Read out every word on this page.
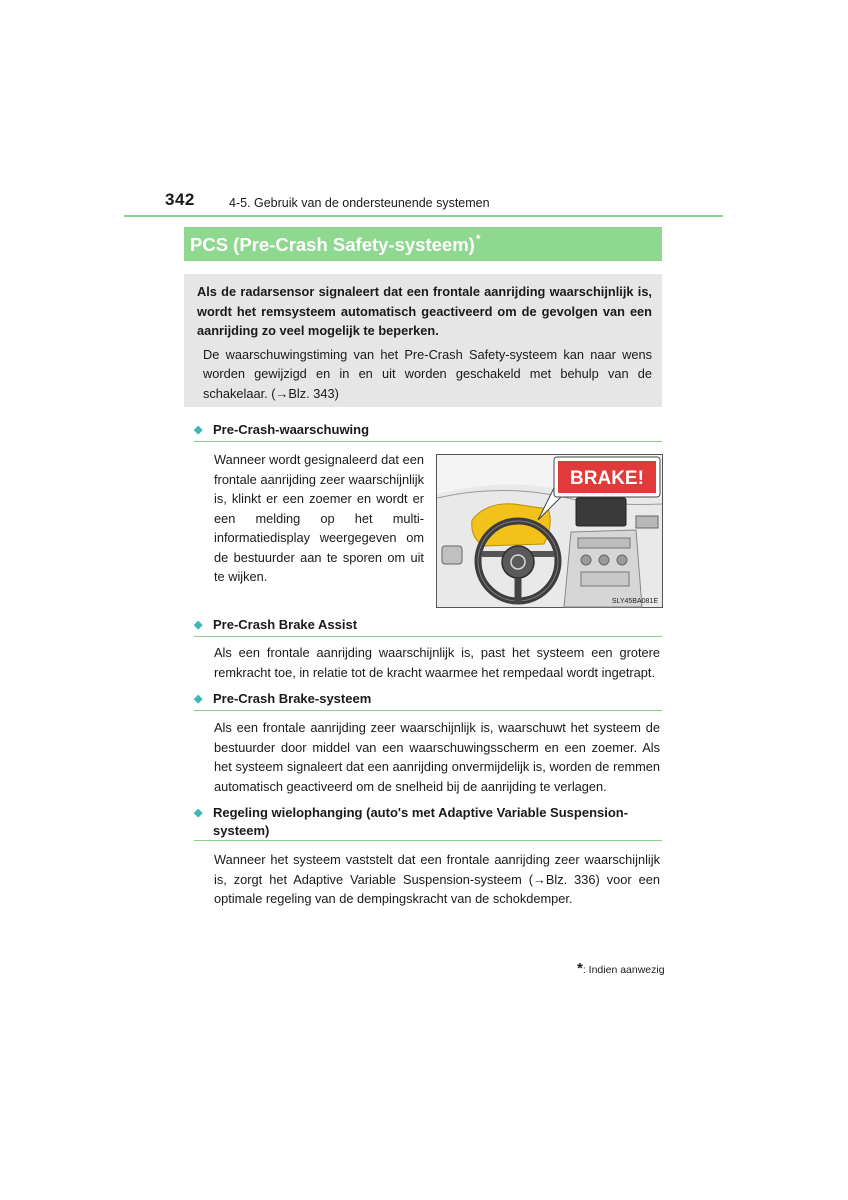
342	4-5. Gebruik van de ondersteunende systemen
PCS (Pre-Crash Safety-systeem)*

Als de radarsensor signaleert dat een frontale aanrijding waarschijnlijk is, wordt het remsysteem automatisch geactiveerd om de gevolgen van een aanrijding zo veel mogelijk te beperken.

De waarschuwingstiming van het Pre-Crash Safety-systeem kan naar wens worden gewijzigd en in en uit worden geschakeld met behulp van de schakelaar. (→Blz. 343)

◆ Pre-Crash-waarschuwing

Wanneer wordt gesignaleerd dat een frontale aanrijding zeer waarschijnlijk is, klinkt er een zoemer en wordt er een melding op het multi-informatiedisplay weergegeven om de bestuurder aan te sporen om uit te wijken.

BRAKE!
SLY45BA081E
◆ Pre-Crash Brake Assist

Als een frontale aanrijding waarschijnlijk is, past het systeem een grotere remkracht toe, in relatie tot de kracht waarmee het rempedaal wordt ingetrapt.

◆ Pre-Crash Brake-systeem

Als een frontale aanrijding zeer waarschijnlijk is, waarschuwt het systeem de bestuurder door middel van een waarschuwingsscherm en een zoemer. Als het systeem signaleert dat een aanrijding onvermijdelijk is, worden de remmen automatisch geactiveerd om de snelheid bij de aanrijding te verlagen.

◆ Regeling wielophanging (auto's met Adaptive Variable Suspension-systeem)

Wanneer het systeem vaststelt dat een frontale aanrijding zeer waarschijnlijk is, zorgt het Adaptive Variable Suspension-systeem (→Blz. 336) voor een optimale regeling van de dempingskracht van de schokdemper.

*: Indien aanwezig
